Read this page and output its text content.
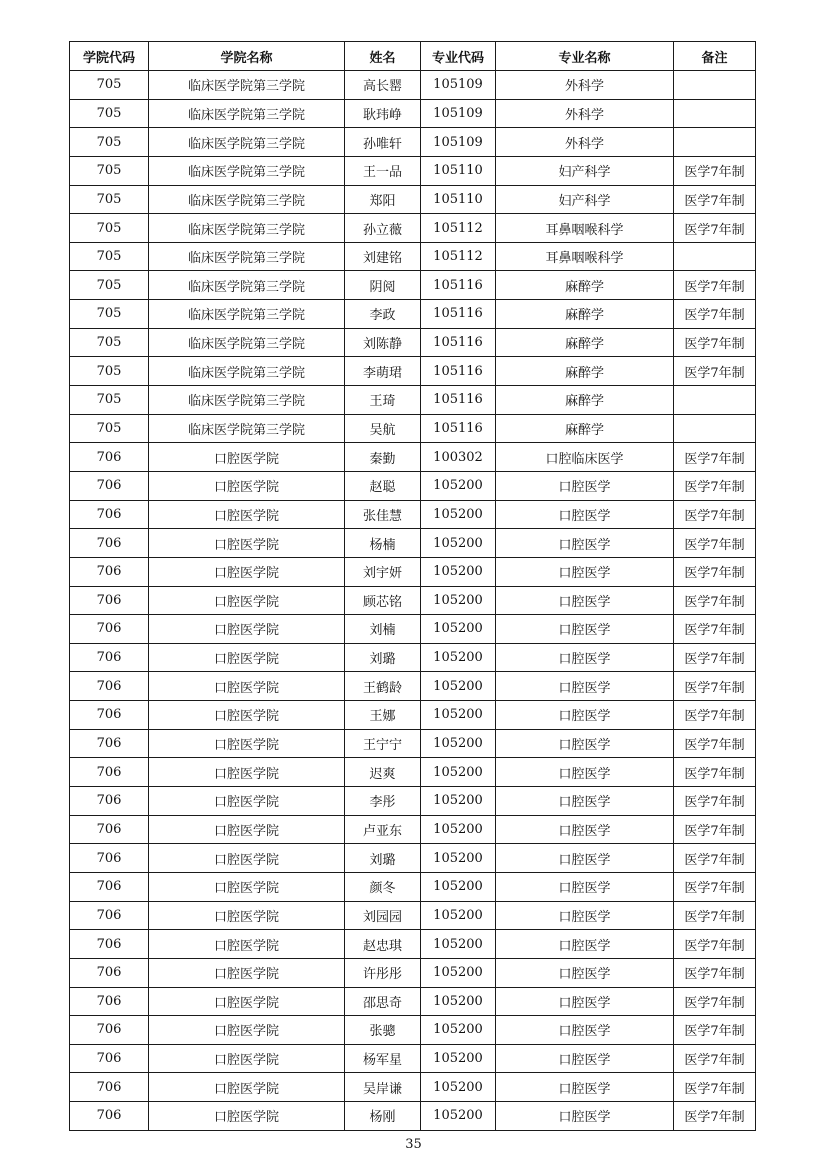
学院代码	学院名称	姓名	专业代码	专业名称	备注
705	临床医学院第三学院	高长罂	105109	外科学	
705	临床医学院第三学院	耿玮峥	105109	外科学	
705	临床医学院第三学院	孙唯轩	105109	外科学	
705	临床医学院第三学院	王一品	105110	妇产科学	医学7年制
705	临床医学院第三学院	郑阳	105110	妇产科学	医学7年制
705	临床医学院第三学院	孙立薇	105112	耳鼻咽喉科学	医学7年制
705	临床医学院第三学院	刘建铭	105112	耳鼻咽喉科学	
705	临床医学院第三学院	阴阅	105116	麻醉学	医学7年制
705	临床医学院第三学院	李政	105116	麻醉学	医学7年制
705	临床医学院第三学院	刘陈静	105116	麻醉学	医学7年制
705	临床医学院第三学院	李萌珺	105116	麻醉学	医学7年制
705	临床医学院第三学院	王琦	105116	麻醉学	
705	临床医学院第三学院	吴航	105116	麻醉学	
706	口腔医学院	秦勤	100302	口腔临床医学	医学7年制
706	口腔医学院	赵聪	105200	口腔医学	医学7年制
706	口腔医学院	张佳慧	105200	口腔医学	医学7年制
706	口腔医学院	杨楠	105200	口腔医学	医学7年制
706	口腔医学院	刘宇妍	105200	口腔医学	医学7年制
706	口腔医学院	顾芯铭	105200	口腔医学	医学7年制
706	口腔医学院	刘楠	105200	口腔医学	医学7年制
706	口腔医学院	刘璐	105200	口腔医学	医学7年制
706	口腔医学院	王鹤龄	105200	口腔医学	医学7年制
706	口腔医学院	王娜	105200	口腔医学	医学7年制
706	口腔医学院	王宁宁	105200	口腔医学	医学7年制
706	口腔医学院	迟爽	105200	口腔医学	医学7年制
706	口腔医学院	李彤	105200	口腔医学	医学7年制
706	口腔医学院	卢亚东	105200	口腔医学	医学7年制
706	口腔医学院	刘璐	105200	口腔医学	医学7年制
706	口腔医学院	颜冬	105200	口腔医学	医学7年制
706	口腔医学院	刘园园	105200	口腔医学	医学7年制
706	口腔医学院	赵忠琪	105200	口腔医学	医学7年制
706	口腔医学院	许彤彤	105200	口腔医学	医学7年制
706	口腔医学院	邵思奇	105200	口腔医学	医学7年制
706	口腔医学院	张骢	105200	口腔医学	医学7年制
706	口腔医学院	杨军星	105200	口腔医学	医学7年制
706	口腔医学院	吴岸谦	105200	口腔医学	医学7年制
706	口腔医学院	杨刚	105200	口腔医学	医学7年制
35
